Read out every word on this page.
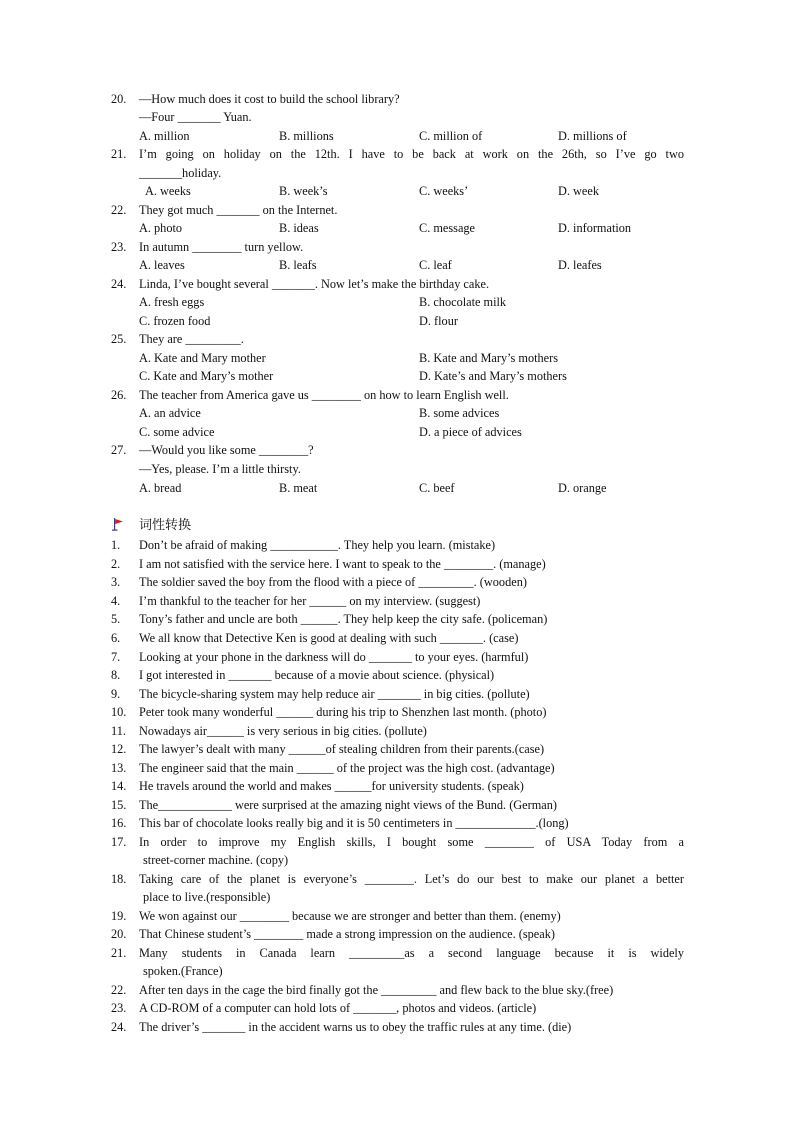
20. —How much does it cost to build the school library?
—Four _______ Yuan.
A. million	B. millions	C. million of	D. millions of
21. I’m going on holiday on the 12th. I have to be back at work on the 26th, so I’ve go two
_______holiday.
A. weeks	B. week’s	C. weeks’	D. week
22. They got much _______ on the Internet.
A. photo	B. ideas	C. message	D. information
23. In autumn ________ turn yellow.
A. leaves	B. leafs	C. leaf	D. leafes
24. Linda, I’ve bought several _______. Now let’s make the birthday cake.
A. fresh eggs	B. chocolate milk
C. frozen food	D. flour
25. They are _________.
A. Kate and Mary mother	B. Kate and Mary’s mothers
C. Kate and Mary’s mother	D. Kate’s and Mary’s mothers
26. The teacher from America gave us ________ on how to learn English well.
A. an advice	B. some advices
C. some advice	D. a piece of advices
27. —Would you like some ________?
—Yes, please. I’m a little thirsty.
A. bread	B. meat	C. beef	D. orange
词性转换
1. Don’t be afraid of making ___________. They help you learn. (mistake)
2. I am not satisfied with the service here. I want to speak to the ________. (manage)
3. The soldier saved the boy from the flood with a piece of _________. (wooden)
4. I’m thankful to the teacher for her ______ on my interview. (suggest)
5. Tony’s father and uncle are both ______. They help keep the city safe. (policeman)
6. We all know that Detective Ken is good at dealing with such _______. (case)
7. Looking at your phone in the darkness will do _______ to your eyes. (harmful)
8. I got interested in _______ because of a movie about science. (physical)
9. The bicycle-sharing system may help reduce air _______ in big cities. (pollute)
10. Peter took many wonderful ______ during his trip to Shenzhen last month. (photo)
11. Nowadays air______ is very serious in big cities. (pollute)
12. The lawyer’s dealt with many ______of stealing children from their parents.(case)
13. The engineer said that the main ______ of the project was the high cost. (advantage)
14. He travels around the world and makes ______for university students. (speak)
15. The____________ were surprised at the amazing night views of the Bund. (German)
16. This bar of chocolate looks really big and it is 50 centimeters in _____________.(long)
17. In order to improve my English skills, I bought some ________ of USA Today from a
street-corner machine. (copy)
18. Taking care of the planet is everyone’s ________. Let’s do our best to make our planet a better
place to live.(responsible)
19. We won against our ________ because we are stronger and better than them. (enemy)
20. That Chinese student’s ________ made a strong impression on the audience. (speak)
21. Many students in Canada learn _________as a second language because it is widely
spoken.(France)
22. After ten days in the cage the bird finally got the _________ and flew back to the blue sky.(free)
23. A CD-ROM of a computer can hold lots of _______, photos and videos. (article)
24. The driver’s _______ in the accident warns us to obey the traffic rules at any time. (die)
